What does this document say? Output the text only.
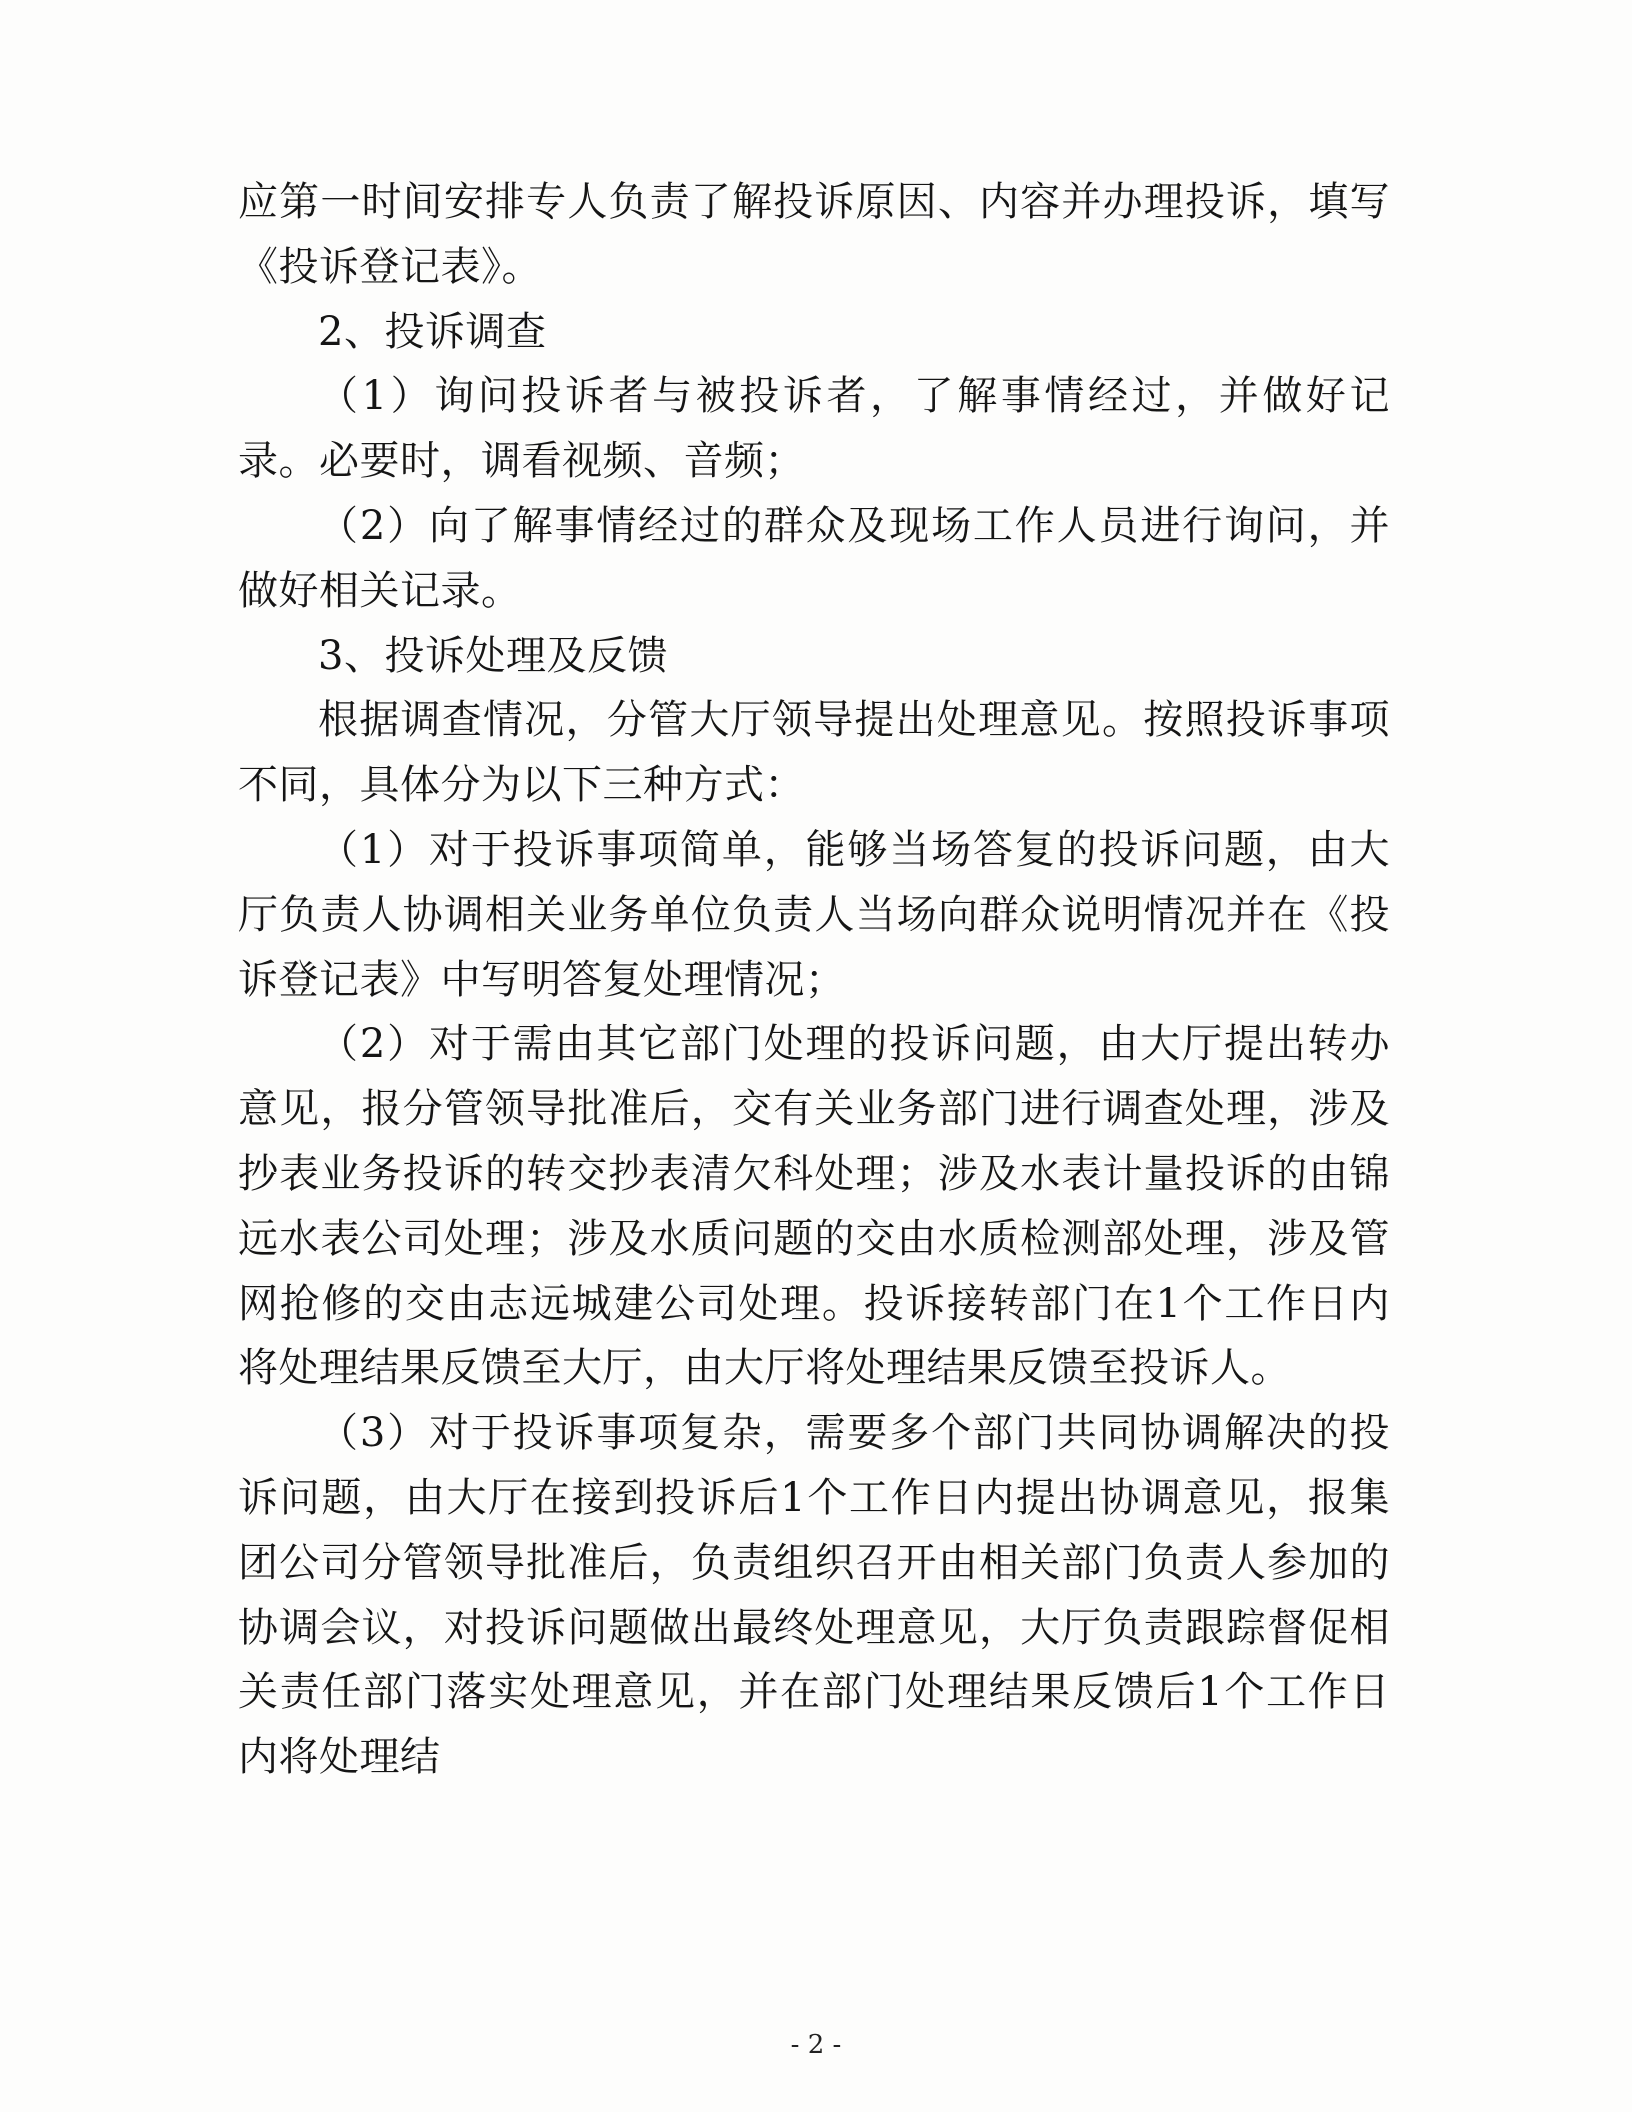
应第一时间安排专人负责了解投诉原因、内容并办理投诉，填写《投诉登记表》。

2、投诉调查

（1）询问投诉者与被投诉者，了解事情经过，并做好记录。必要时，调看视频、音频；

（2）向了解事情经过的群众及现场工作人员进行询问，并做好相关记录。

3、投诉处理及反馈

根据调查情况，分管大厅领导提出处理意见。按照投诉事项不同，具体分为以下三种方式：

（1）对于投诉事项简单，能够当场答复的投诉问题，由大厅负责人协调相关业务单位负责人当场向群众说明情况并在《投诉登记表》中写明答复处理情况；

（2）对于需由其它部门处理的投诉问题，由大厅提出转办意见，报分管领导批准后，交有关业务部门进行调查处理，涉及抄表业务投诉的转交抄表清欠科处理；涉及水表计量投诉的由锦远水表公司处理；涉及水质问题的交由水质检测部处理，涉及管网抢修的交由志远城建公司处理。投诉接转部门在1个工作日内将处理结果反馈至大厅，由大厅将处理结果反馈至投诉人。

（3）对于投诉事项复杂，需要多个部门共同协调解决的投诉问题，由大厅在接到投诉后1个工作日内提出协调意见，报集团公司分管领导批准后，负责组织召开由相关部门负责人参加的协调会议，对投诉问题做出最终处理意见，大厅负责跟踪督促相关责任部门落实处理意见，并在部门处理结果反馈后1个工作日内将处理结

- 2 -
